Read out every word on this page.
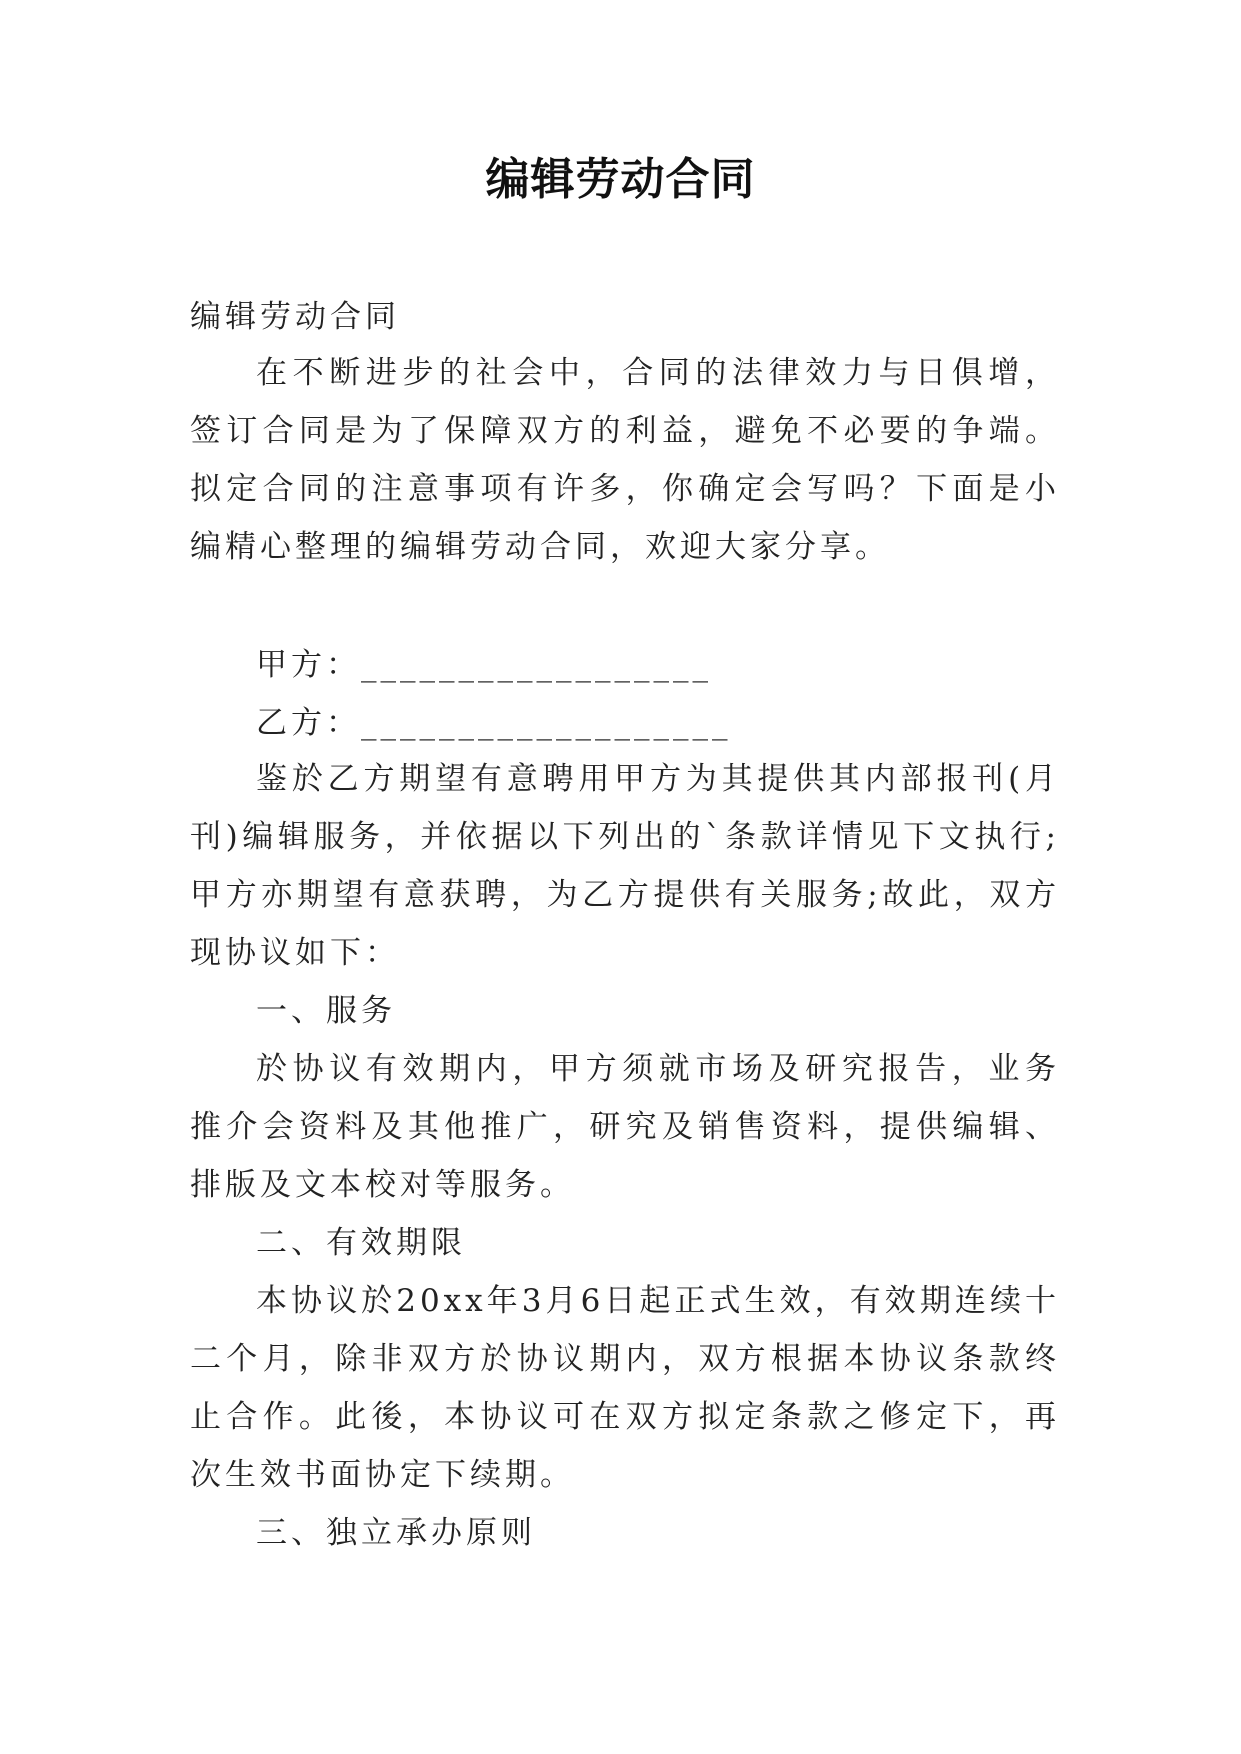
编辑劳动合同

编辑劳动合同

在不断进步的社会中，合同的法律效力与日俱增，签订合同是为了保障双方的利益，避免不必要的争端。拟定合同的注意事项有许多，你确定会写吗？下面是小编精心整理的编辑劳动合同，欢迎大家分享。

甲方：__________________

乙方：___________________

鉴於乙方期望有意聘用甲方为其提供其内部报刊(月刊)编辑服务，并依据以下列出的`条款详情见下文执行;甲方亦期望有意获聘，为乙方提供有关服务;故此，双方现协议如下：

一、服务

於协议有效期内，甲方须就市场及研究报告，业务推介会资料及其他推广，研究及销售资料，提供编辑、排版及文本校对等服务。

二、有效期限

本协议於20xx年3月6日起正式生效，有效期连续十二个月，除非双方於协议期内，双方根据本协议条款终止合作。此後，本协议可在双方拟定条款之修定下，再次生效书面协定下续期。

三、独立承办原则
